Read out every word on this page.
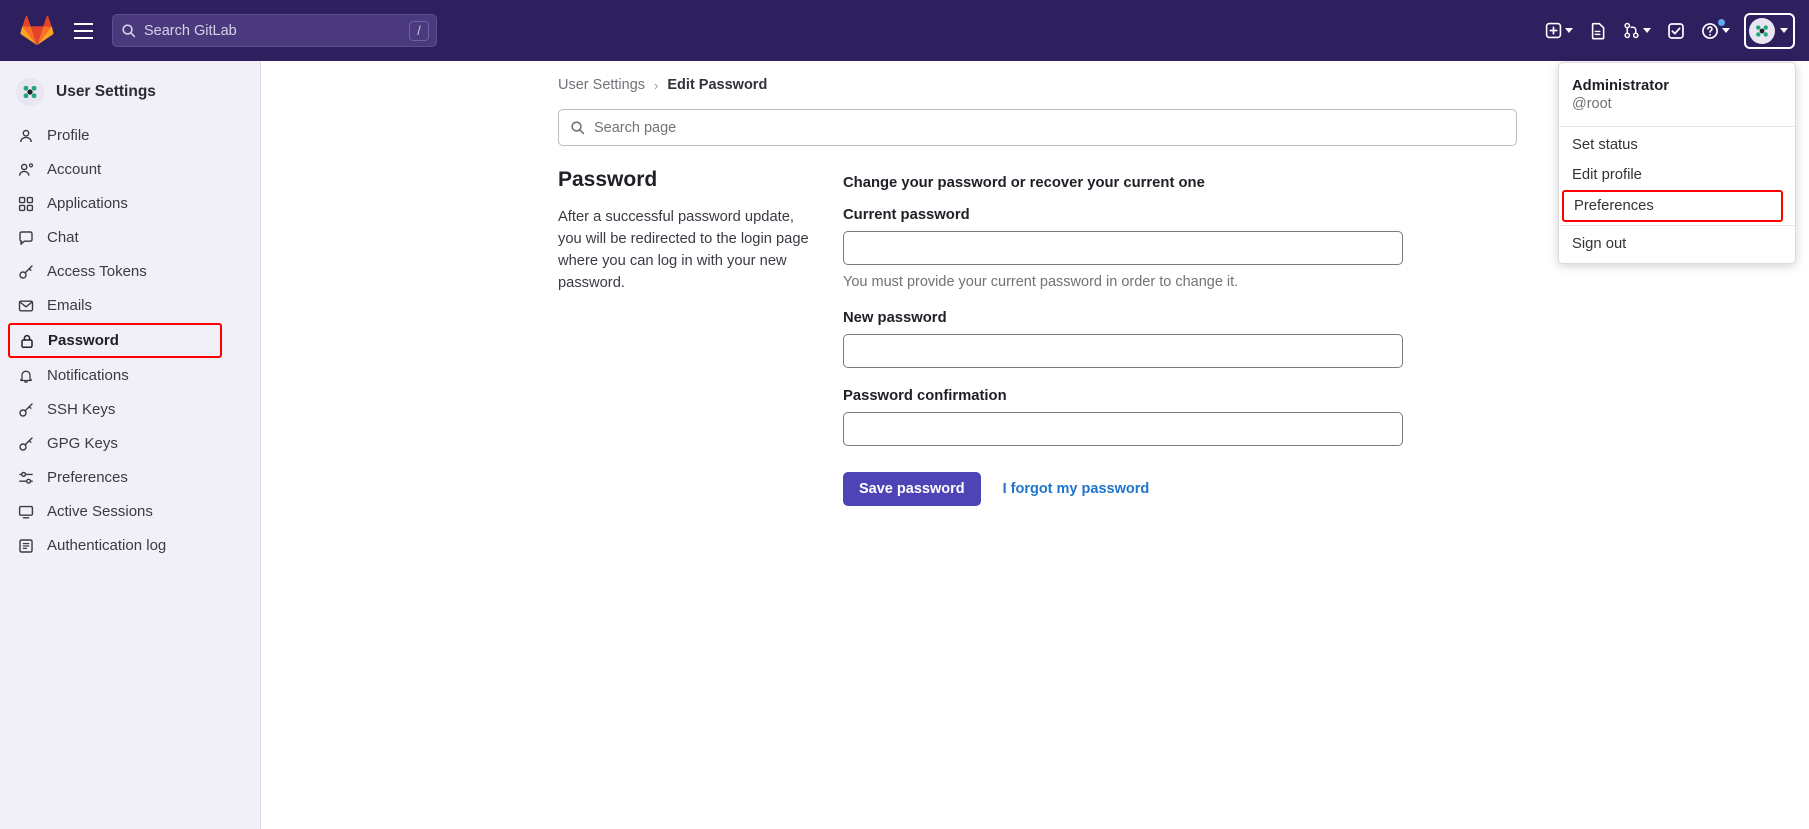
Search GitLab	/
User Settings
Profile
Account
Applications
Chat
Access Tokens
Emails
Password
Notifications
SSH Keys
GPG Keys
Preferences
Active Sessions
Authentication log
User Settings › Edit Password
Search page
Password

After a successful password update, you will be redirected to the login page where you can log in with your new password.

Change your password or recover your current one
Current password

You must provide your current password in order to change it.

New password
Password confirmation
Save password	I forgot my password
Administrator
@root
Set status
Edit profile
Preferences
Sign out
